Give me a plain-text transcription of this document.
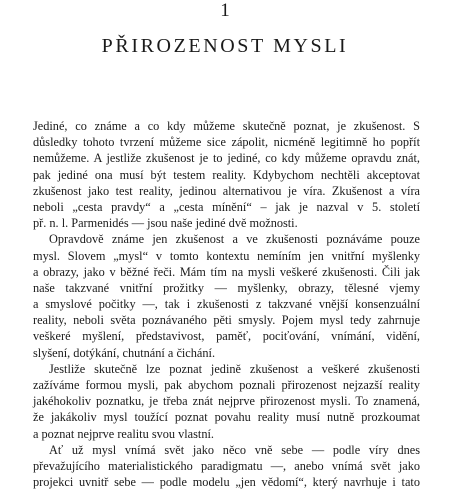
1
PŘIROZENOST MYSLI
Jediné, co známe a co kdy můžeme skutečně poznat, je zkušenost. S
důsledky tohoto tvrzení můžeme sice zápolit, nicméně legitimně ho popřít
nemůžeme. A jestliže zkušenost je to jediné, co kdy můžeme opravdu znát,
pak jediné ona musí být testem reality. Kdybychom nechtěli akceptovat
zkušenost jako test reality, jedinou alternativou je víra. Zkušenost a víra
neboli „cesta pravdy“ a „cesta mínění“ – jak je nazval v 5. století
př. n. l. Parmenidés — jsou naše jediné dvě možnosti.
Opravdově známe jen zkušenost a ve zkušenosti poznáváme pouze
mysl. Slovem „mysl“ v tomto kontextu nemíním jen vnitřní myšlenky
a obrazy, jako v běžné řeči. Mám tím na mysli veškeré zkušenosti. Čili jak
naše takzvané vnitřní prožitky — myšlenky, obrazy, tělesné vjemy
a smyslové počitky —, tak i zkušenosti z takzvané vnější konsenzuální
reality, neboli světa poznávaného pěti smysly. Pojem mysl tedy zahrnuje
veškeré myšlení, představivost, paměť, pociťování, vnímání, vidění,
slyšení, dotýkání, chutnání a čichání.
Jestliže skutečně lze poznat jedině zkušenost a veškeré zkušenosti
zažíváme formou mysli, pak abychom poznali přirozenost nejzazší reality
jakéhokoliv poznatku, je třeba znát nejprve přirozenost mysli. To znamená,
že jakákoliv mysl toužící poznat povahu reality musí nutně prozkoumat
a poznat nejprve realitu svou vlastní.
Ať už mysl vnímá svět jako něco vně sebe — podle víry dnes
převažujícího materialistického paradigmatu —, anebo vnímá svět jako
projekci uvnitř sebe — podle modelu „jen vědomí“, který navrhuje i tato
